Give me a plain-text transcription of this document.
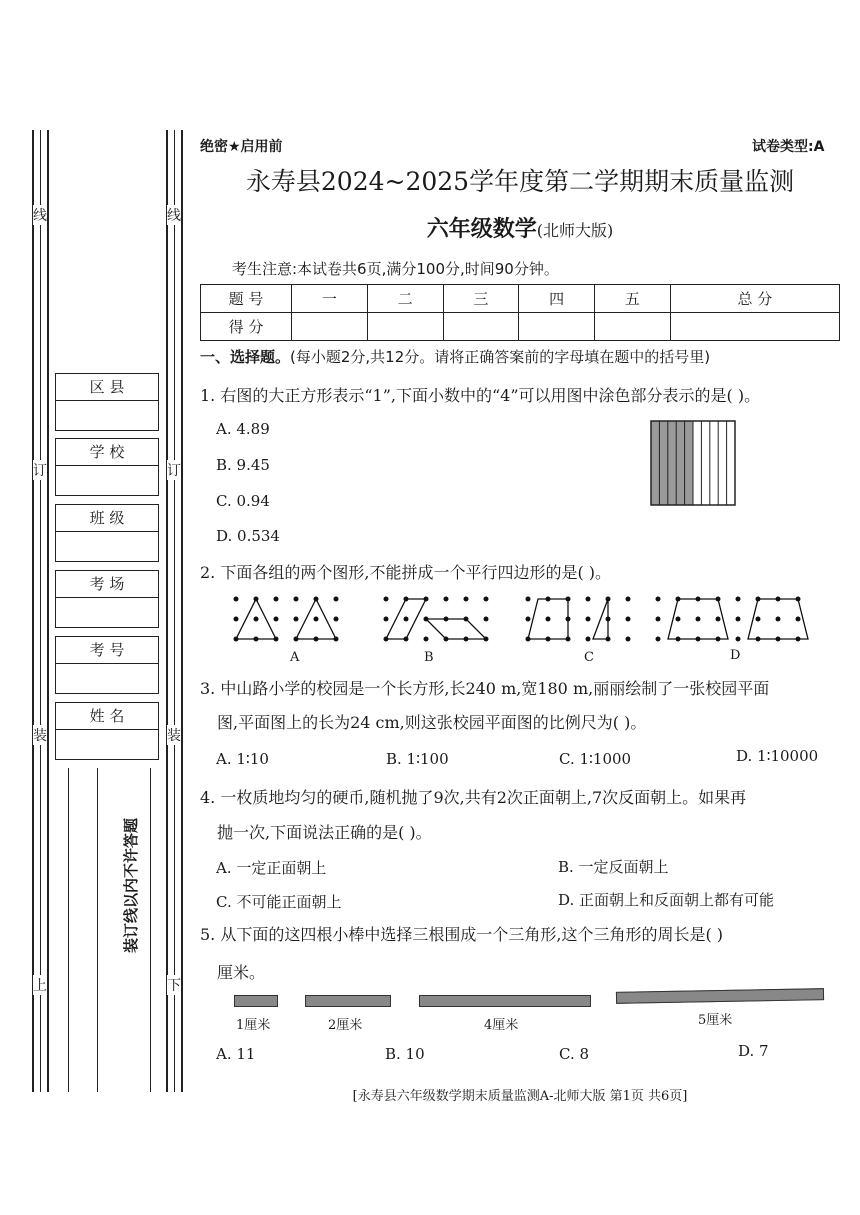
线
订
装
上
线
订
装
下
区 县
学 校
班 级
考 场
考 号
姓 名
装订线以内不许答题
绝密★启用前	试卷类型:A
永寿县2024~2025学年度第二学期期末质量监测
六年级数学(北师大版)
考生注意:本试卷共6页,满分100分,时间90分钟。
题 号	一	二	三	四	五	总 分
得 分						
一、选择题。(每小题2分,共12分。请将正确答案前的字母填在题中的括号里)
1. 右图的大正方形表示“1”,下面小数中的“4”可以用图中涂色部分表示的是( )。
A. 4.89
B. 9.45
C. 0.94
D. 0.534
2. 下面各组的两个图形,不能拼成一个平行四边形的是( )。
A	B	C	D
3. 中山路小学的校园是一个长方形,长240 m,宽180 m,丽丽绘制了一张校园平面
图,平面图上的长为24 cm,则这张校园平面图的比例尺为( )。
A. 1∶10	B. 1∶100	C. 1∶1000	D. 1∶10000
4. 一枚质地均匀的硬币,随机抛了9次,共有2次正面朝上,7次反面朝上。如果再
抛一次,下面说法正确的是( )。
A. 一定正面朝上	B. 一定反面朝上
C. 不可能正面朝上	D. 正面朝上和反面朝上都有可能
5. 从下面的这四根小棒中选择三根围成一个三角形,这个三角形的周长是( )
厘米。
1厘米	2厘米	4厘米	5厘米
A. 11	B. 10	C. 8	D. 7
[永寿县六年级数学期末质量监测A-北师大版 第1页 共6页]
